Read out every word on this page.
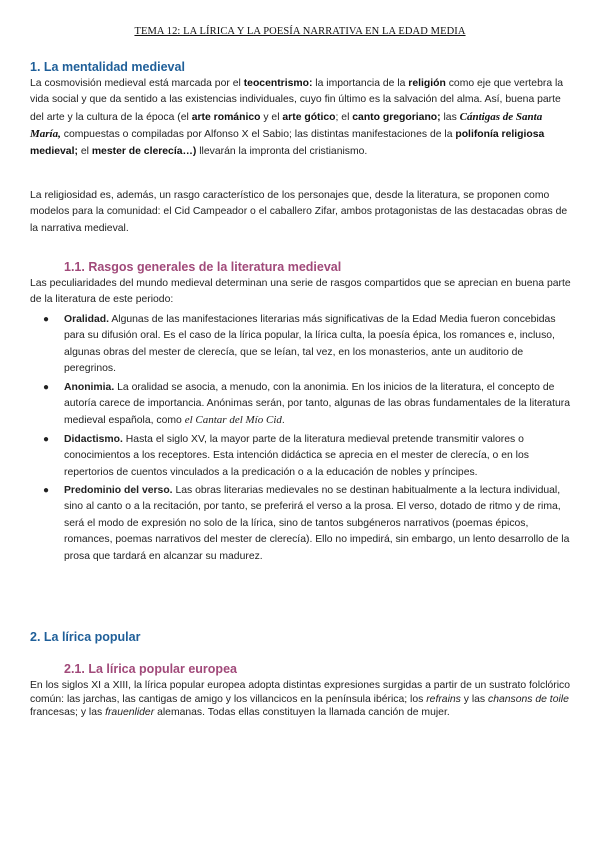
TEMA 12: LA LÍRICA Y LA POESÍA NARRATIVA EN LA EDAD MEDIA
1. La mentalidad medieval
La cosmovisión medieval está marcada por el teocentrismo: la importancia de la religión como eje que vertebra la vida social y que da sentido a las existencias individuales, cuyo fin último es la salvación del alma. Así, buena parte del arte y la cultura de la época (el arte románico y el arte gótico; el canto gregoriano; las Cántigas de Santa María, compuestas o compiladas por Alfonso X el Sabio; las distintas manifestaciones de la polifonía religiosa medieval; el mester de clerecía…) llevarán la impronta del cristianismo.
La religiosidad es, además, un rasgo característico de los personajes que, desde la literatura, se proponen como modelos para la comunidad: el Cid Campeador o el caballero Zifar, ambos protagonistas de las destacadas obras de la narrativa medieval.
1.1. Rasgos generales de la literatura medieval
Las peculiaridades del mundo medieval determinan una serie de rasgos compartidos que se aprecian en buena parte de la literatura de este periodo:
● Oralidad. Algunas de las manifestaciones literarias más significativas de la Edad Media fueron concebidas para su difusión oral. Es el caso de la lírica popular, la lírica culta, la poesía épica, los romances e, incluso, algunas obras del mester de clerecía, que se leían, tal vez, en los monasterios, ante un auditorio de peregrinos.
● Anonimia. La oralidad se asocia, a menudo, con la anonimia. En los inicios de la literatura, el concepto de autoría carece de importancia. Anónimas serán, por tanto, algunas de las obras fundamentales de la literatura medieval española, como el Cantar del Mío Cid.
● Didactismo. Hasta el siglo XV, la mayor parte de la literatura medieval pretende transmitir valores o conocimientos a los receptores. Esta intención didáctica se aprecia en el mester de clerecía, o en los repertorios de cuentos vinculados a la predicación o a la educación de nobles y príncipes.
● Predominio del verso. Las obras literarias medievales no se destinan habitualmente a la lectura individual, sino al canto o a la recitación, por tanto, se preferirá el verso a la prosa. El verso, dotado de ritmo y de rima, será el modo de expresión no solo de la lírica, sino de tantos subgéneros narrativos (poemas épicos, romances, poemas narrativos del mester de clerecía). Ello no impedirá, sin embargo, un lento desarrollo de la prosa que tardará en alcanzar su madurez.
2. La lírica popular
2.1. La lírica popular europea
En los siglos XI a XIII, la lírica popular europea adopta distintas expresiones surgidas a partir de un sustrato folclórico común: las jarchas, las cantigas de amigo y los villancicos en la península ibérica; los refrains y las chansons de toile francesas; y las frauenlider alemanas. Todas ellas constituyen la llamada canción de mujer.
